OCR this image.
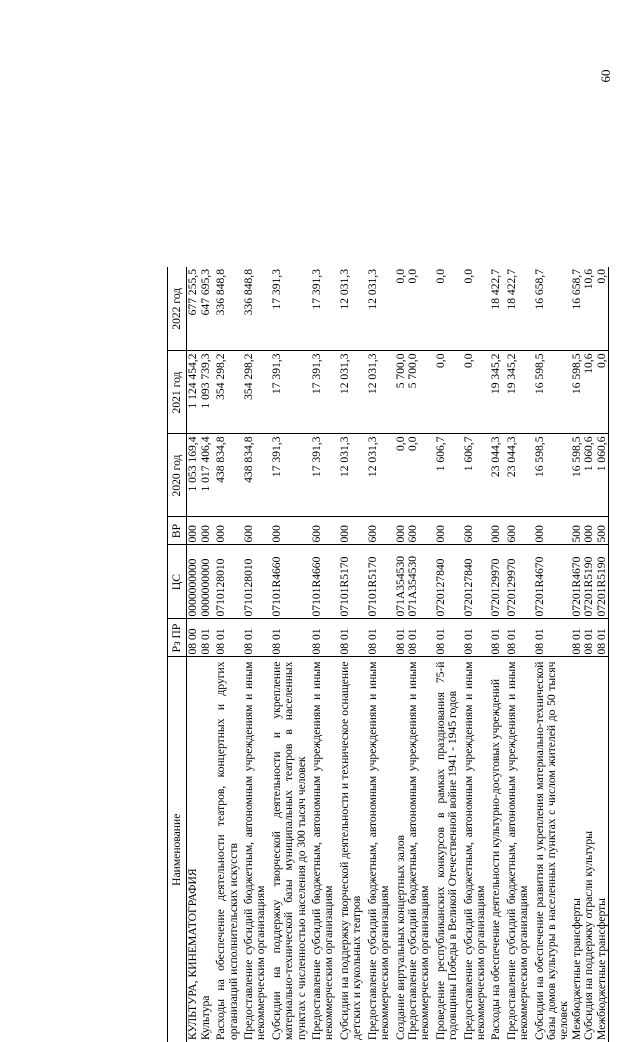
60
Наименование	Рз ПР	ЦС	ВР	2020 год	2021 год	2022 год
КУЛЬТУРА, КИНЕМАТОГРАФИЯ	08 00	0000000000	000	1 053 169,4	1 124 454,2	677 255,5
Культура	08 01	0000000000	000	1 017 406,4	1 093 739,3	647 695,3
Расходы на обеспечение деятельности театров, концертных и других организаций исполнительских искусств	08 01	0710128010	000	438 834,8	354 298,2	336 848,8
Предоставление субсидий бюджетным, автономным учреждениям и иным некоммерческим организациям	08 01	0710128010	600	438 834,8	354 298,2	336 848,8
Субсидии на поддержку творческой деятельности и укрепление материально-технической базы муниципальных театров в населенных пунктах с численностью населения до 300 тысяч человек	08 01	07101R4660	000	17 391,3	17 391,3	17 391,3
Предоставление субсидий бюджетным, автономным учреждениям и иным некоммерческим организациям	08 01	07101R4660	600	17 391,3	17 391,3	17 391,3
Субсидии на поддержку творческой деятельности и техническое оснащение детских и кукольных театров	08 01	07101R5170	000	12 031,3	12 031,3	12 031,3
Предоставление субсидий бюджетным, автономным учреждениям и иным некоммерческим организациям	08 01	07101R5170	600	12 031,3	12 031,3	12 031,3
Создание виртуальных концертных залов	08 01	071A354530	000	0,0	5 700,0	0,0
Предоставление субсидий бюджетным, автономным учреждениям и иным некоммерческим организациям	08 01	071A354530	600	0,0	5 700,0	0,0
Проведение республиканских конкурсов в рамках празднования 75-й годовщины Победы в Великой Отечественной войне 1941 - 1945 годов	08 01	0720127840	000	1 606,7	0,0	0,0
Предоставление субсидий бюджетным, автономным учреждениям и иным некоммерческим организациям	08 01	0720127840	600	1 606,7	0,0	0,0
Расходы на обеспечение деятельности культурно-досуговых учреждений	08 01	0720129970	000	23 044,3	19 345,2	18 422,7
Предоставление субсидий бюджетным, автономным учреждениям и иным некоммерческим организациям	08 01	0720129970	600	23 044,3	19 345,2	18 422,7
Субсидии на обеспечение развития и укрепления материально-технической базы домов культуры в населенных пунктах с числом жителей до 50 тысяч человек	08 01	07201R4670	000	16 598,5	16 598,5	16 658,7
Межбюджетные трансферты	08 01	07201R4670	500	16 598,5	16 598,5	16 658,7
Субсидия на поддержку отрасли культуры	08 01	07201R5190	000	1 060,6	10,6	10,6
Межбюджетные трансферты	08 01	07201R5190	500	1 060,6	0,0	0,0
